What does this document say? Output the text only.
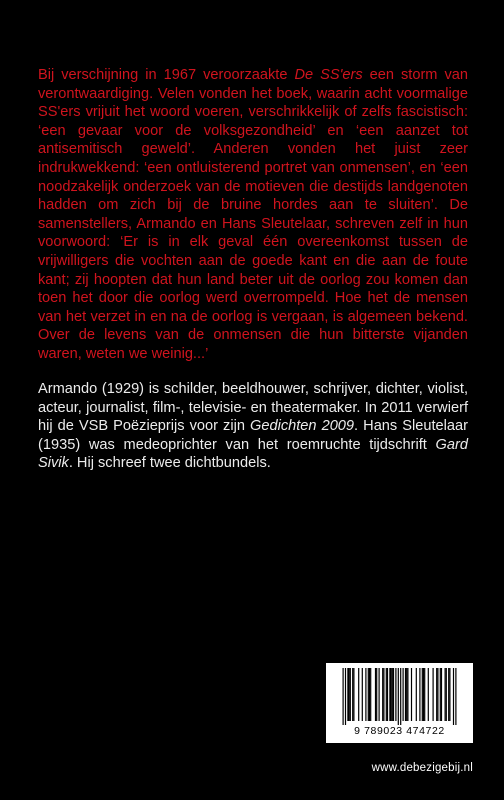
Bij verschijning in 1967 veroorzaakte De SS'ers een storm van verontwaardiging. Velen vonden het boek, waarin acht voormalige SS'ers vrijuit het woord voeren, verschrikkelijk of zelfs fascistisch: ‘een gevaar voor de volksgezondheid’ en ‘een aanzet tot antisemitisch geweld’. Anderen vonden het juist zeer indrukwekkend: ‘een ontluisterend portret van onmensen’, en ‘een noodzakelijk onderzoek van de motieven die destijds landgenoten hadden om zich bij de bruine hordes aan te sluiten’. De samenstellers, Armando en Hans Sleutelaar, schreven zelf in hun voorwoord: ‘Er is in elk geval één overeenkomst tussen de vrijwilligers die vochten aan de goede kant en die aan de foute kant; zij hoopten dat hun land beter uit de oorlog zou komen dan toen het door die oorlog werd overrompeld. Hoe het de mensen van het verzet in en na de oorlog is vergaan, is algemeen bekend. Over de levens van de onmensen die hun bitterste vijanden waren, weten we weinig...’

Armando (1929) is schilder, beeldhouwer, schrijver, dichter, violist, acteur, journalist, film-, televisie- en theatermaker. In 2011 verwierf hij de VSB Poëzieprijs voor zijn Gedichten 2009. Hans Sleutelaar (1935) was medeoprichter van het roemruchte tijdschrift Gard Sivik. Hij schreef twee dichtbundels.

9 789023 474722
www.debezigebij.nl
